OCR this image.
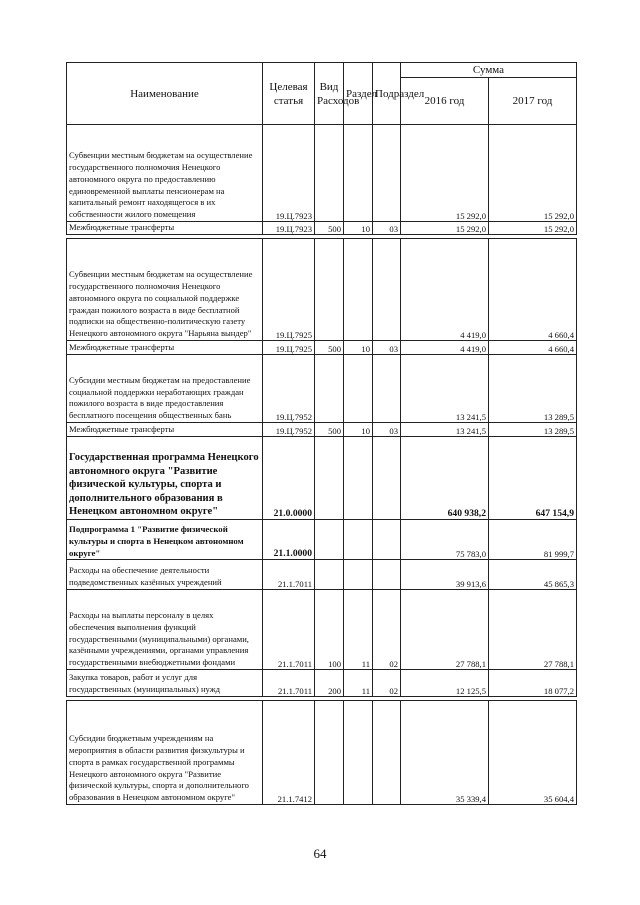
Наименование	Целевая статья	Вид Расходов	Раздел	Подраздел	Сумма	
					2016 год	2017 год
Субвенции местным бюджетам на осуществление государственного полномочия Ненецкого автономного округа по предоставлению единовременной выплаты пенсионерам на капитальный ремонт находящегося в их собственности жилого помещения	19.Ц.7923				15 292,0	15 292,0
Межбюджетные трансферты	19.Ц.7923	500	10	03	15 292,0	15 292,0

Субвенции местным бюджетам на осуществление государственного полномочия Ненецкого автономного округа по социальной поддержке граждан пожилого возраста в виде бесплатной подписки на общественно-политическую газету Ненецкого автономного округа "Нарьяна вындер"	19.Ц.7925				4 419,0	4 660,4
Межбюджетные трансферты	19.Ц.7925	500	10	03	4 419,0	4 660,4
Субсидии местным бюджетам на предоставление социальной поддержки неработающих граждан пожилого возраста в виде предоставления бесплатного посещения общественных бань	19.Ц.7952				13 241,5	13 289,5
Межбюджетные трансферты	19.Ц.7952	500	10	03	13 241,5	13 289,5
Государственная программа Ненецкого автономного округа "Развитие физической культуры, спорта и дополнительного образования в Ненецком автономном округе"	21.0.0000				640 938,2	647 154,9
Подпрограмма 1 "Развитие физической культуры и спорта в Ненецком автономном округе"	21.1.0000				75 783,0	81 999,7
Расходы на обеспечение деятельности подведомственных казённых учреждений	21.1.7011				39 913,6	45 865,3
Расходы на выплаты персоналу в целях обеспечения выполнения функций государственными (муниципальными) органами, казёнными учреждениями, органами управления государственными внебюджетными фондами	21.1.7011	100	11	02	27 788,1	27 788,1
Закупка товаров, работ и услуг для государственных (муниципальных) нужд	21.1.7011	200	11	02	12 125,5	18 077,2

Субсидии бюджетным учреждениям на мероприятия в области развития физкультуры и спорта в рамках государственной программы Ненецкого автономного округа "Развитие физической культуры, спорта и дополнительного образования в Ненецком автономном округе"	21.1.7412				35 339,4	35 604,4
64
